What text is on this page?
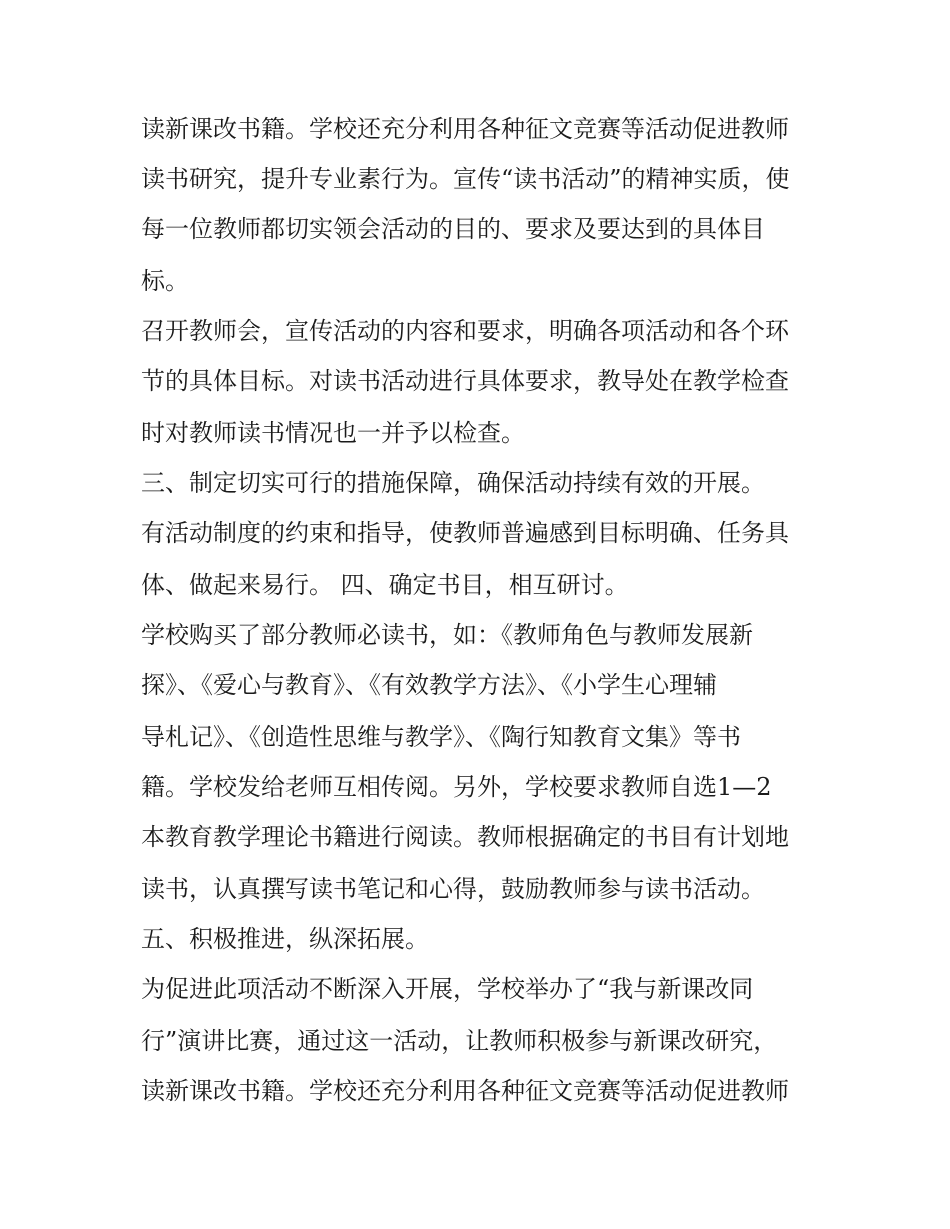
读新课改书籍。学校还充分利用各种征文竞赛等活动促进教师
读书研究，提升专业素行为。宣传“读书活动”的精神实质，使
每一位教师都切实领会活动的目的、要求及要达到的具体目
标。
召开教师会，宣传活动的内容和要求，明确各项活动和各个环
节的具体目标。对读书活动进行具体要求，教导处在教学检查
时对教师读书情况也一并予以检查。
三、制定切实可行的措施保障，确保活动持续有效的开展。
有活动制度的约束和指导，使教师普遍感到目标明确、任务具
体、做起来易行。 四、确定书目，相互研讨。
学校购买了部分教师必读书，如：《教师角色与教师发展新
探》、《爱心与教育》、《有效教学方法》、《小学生心理辅
导札记》、《创造性思维与教学》、《陶行知教育文集》等书
籍。学校发给老师互相传阅。另外，学校要求教师自选1—2
本教育教学理论书籍进行阅读。教师根据确定的书目有计划地
读书，认真撰写读书笔记和心得，鼓励教师参与读书活动。
五、积极推进，纵深拓展。
为促进此项活动不断深入开展，学校举办了“我与新课改同
行”演讲比赛，通过这一活动，让教师积极参与新课改研究，
读新课改书籍。学校还充分利用各种征文竞赛等活动促进教师
